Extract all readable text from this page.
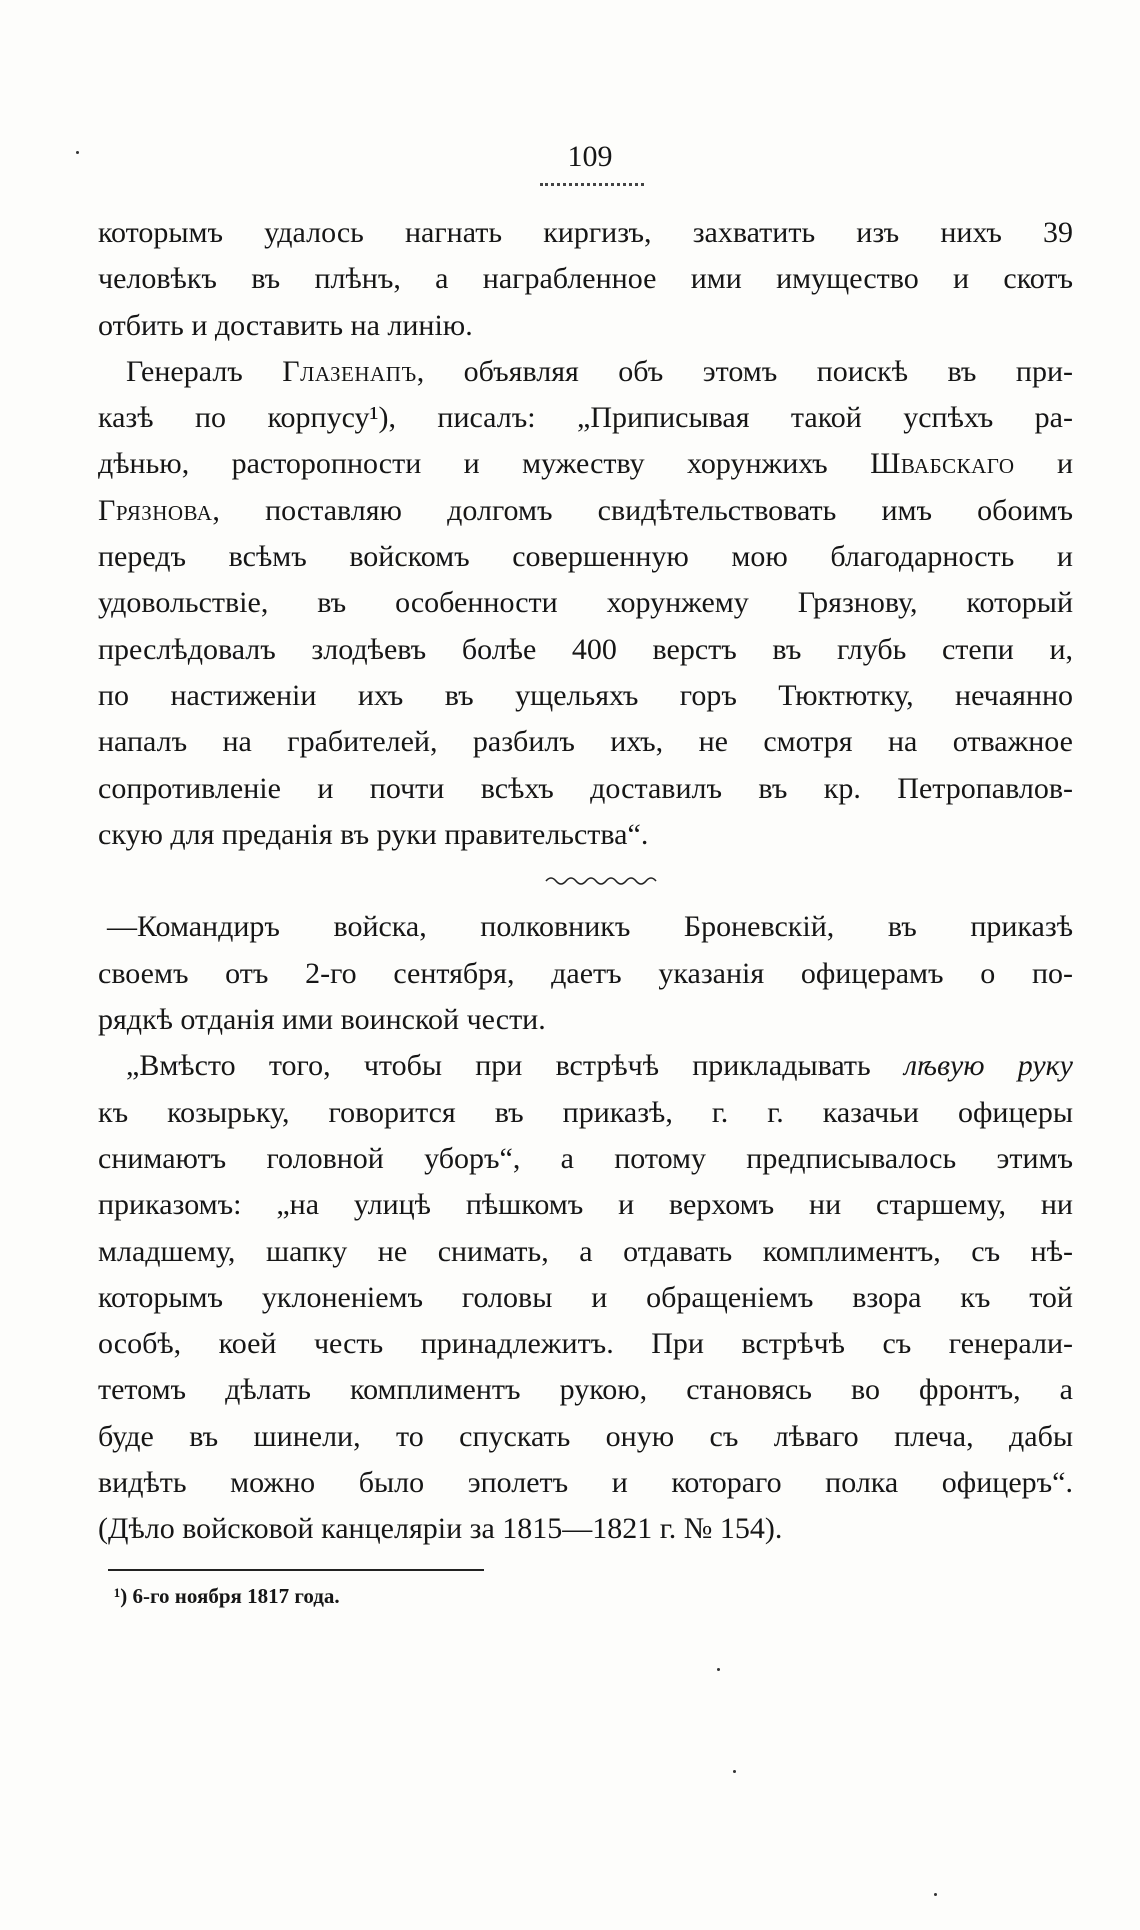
109
которымъ удалось нагнать киргизъ, захватить изъ нихъ 39
человѣкъ въ плѣнъ, а награбленное ими имущество и скотъ
отбить и доставить на линію.
Генералъ Глазенапъ, объявляя объ этомъ поискѣ въ при-
казѣ по корпусу¹), писалъ: „Приписывая такой успѣхъ ра-
дѣнью, расторопности и мужеству хорунжихъ Швабскаго и
Грязнова, поставляю долгомъ свидѣтельствовать имъ обоимъ
передъ всѣмъ войскомъ совершенную мою благодарность и
удовольствіе, въ особенности хорунжему Грязнову, который
преслѣдовалъ злодѣевъ болѣе 400 верстъ въ глубь степи и,
по настиженіи ихъ въ ущельяхъ горъ Тюктютку, нечаянно
напалъ на грабителей, разбилъ ихъ, не смотря на отважное
сопротивленіе и почти всѣхъ доставилъ въ кр. Петропавлов-
скую для преданія въ руки правительства“.
—Командиръ войска, полковникъ Броневскій, въ приказѣ
своемъ отъ 2-го сентября, даетъ указанія офицерамъ о по-
рядкѣ отданія ими воинской чести.
„Вмѣсто того, чтобы при встрѣчѣ прикладывать лѣвую руку
къ козырьку, говорится въ приказѣ, г. г. казачьи офицеры
снимаютъ головной уборъ“, а потому предписывалось этимъ
приказомъ: „на улицѣ пѣшкомъ и верхомъ ни старшему, ни
младшему, шапку не снимать, а отдавать комплиментъ, съ нѣ-
которымъ уклоненіемъ головы и обращеніемъ взора къ той
особѣ, коей честь принадлежитъ. При встрѣчѣ съ генерали-
тетомъ дѣлать комплиментъ рукою, становясь во фронтъ, а
буде въ шинели, то спускать оную съ лѣваго плеча, дабы
видѣть можно было эполетъ и котораго полка офицеръ“.
(Дѣло войсковой канцеляріи за 1815—1821 г. № 154).
¹) 6-го ноября 1817 года.
